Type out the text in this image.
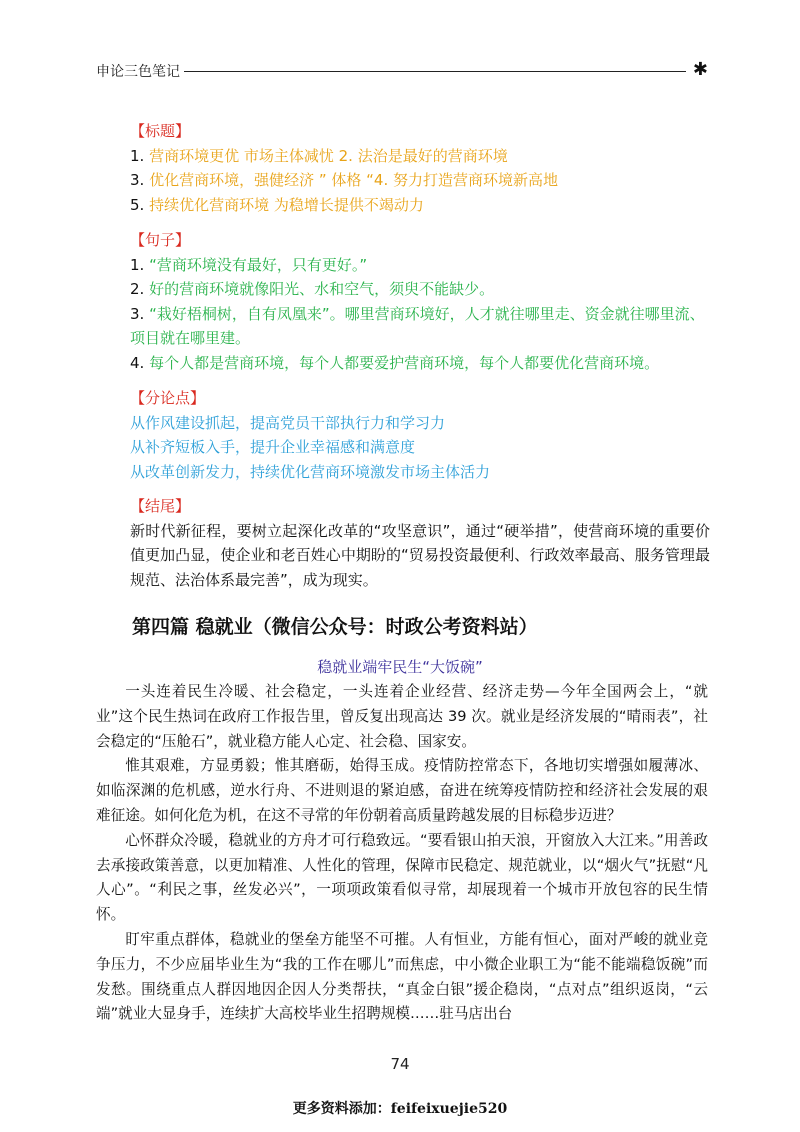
申论三色笔记	✱
【标题】
1. 营商环境更优 市场主体减忧 2. 法治是最好的营商环境
3. 优化营商环境，强健经济 ” 体格 “4. 努力打造营商环境新高地
5. 持续优化营商环境 为稳增长提供不竭动力
【句子】
1. “营商环境没有最好，只有更好。”
2. 好的营商环境就像阳光、水和空气，须臾不能缺少。
3. “栽好梧桐树，自有凤凰来”。哪里营商环境好，人才就往哪里走、资金就往哪里流、
项目就在哪里建。
4. 每个人都是营商环境，每个人都要爱护营商环境，每个人都要优化营商环境。
【分论点】
从作风建设抓起，提高党员干部执行力和学习力
从补齐短板入手，提升企业幸福感和满意度
从改革创新发力，持续优化营商环境激发市场主体活力
【结尾】
新时代新征程，要树立起深化改革的“攻坚意识”，通过“硬举措”，使营商环境的重要价值更加凸显，使企业和老百姓心中期盼的“贸易投资最便利、行政效率最高、服务管理最规范、法治体系最完善”，成为现实。
第四篇 稳就业（微信公众号：时政公考资料站）
稳就业端牢民生“大饭碗”

一头连着民生冷暖、社会稳定，一头连着企业经营、经济走势—今年全国两会上，“就业”这个民生热词在政府工作报告里，曾反复出现高达 39 次。就业是经济发展的“晴雨表”，社会稳定的“压舱石”，就业稳方能人心定、社会稳、国家安。

惟其艰难，方显勇毅；惟其磨砺，始得玉成。疫情防控常态下，各地切实增强如履薄冰、如临深渊的危机感，逆水行舟、不进则退的紧迫感，奋进在统筹疫情防控和经济社会发展的艰难征途。如何化危为机，在这不寻常的年份朝着高质量跨越发展的目标稳步迈进？

心怀群众冷暖，稳就业的方舟才可行稳致远。“要看银山拍天浪，开窗放入大江来。”用善政去承接政策善意，以更加精准、人性化的管理，保障市民稳定、规范就业，以“烟火气”抚慰“凡人心”。“利民之事，丝发必兴”，一项项政策看似寻常，却展现着一个城市开放包容的民生情怀。

盯牢重点群体，稳就业的堡垒方能坚不可摧。人有恒业，方能有恒心，面对严峻的就业竞争压力，不少应届毕业生为“我的工作在哪儿”而焦虑，中小微企业职工为“能不能端稳饭碗”而发愁。围绕重点人群因地因企因人分类帮扶，“真金白银”援企稳岗，“点对点”组织返岗，“云端”就业大显身手，连续扩大高校毕业生招聘规模……驻马店出台

74
更多资料添加：feifeixuejie520
